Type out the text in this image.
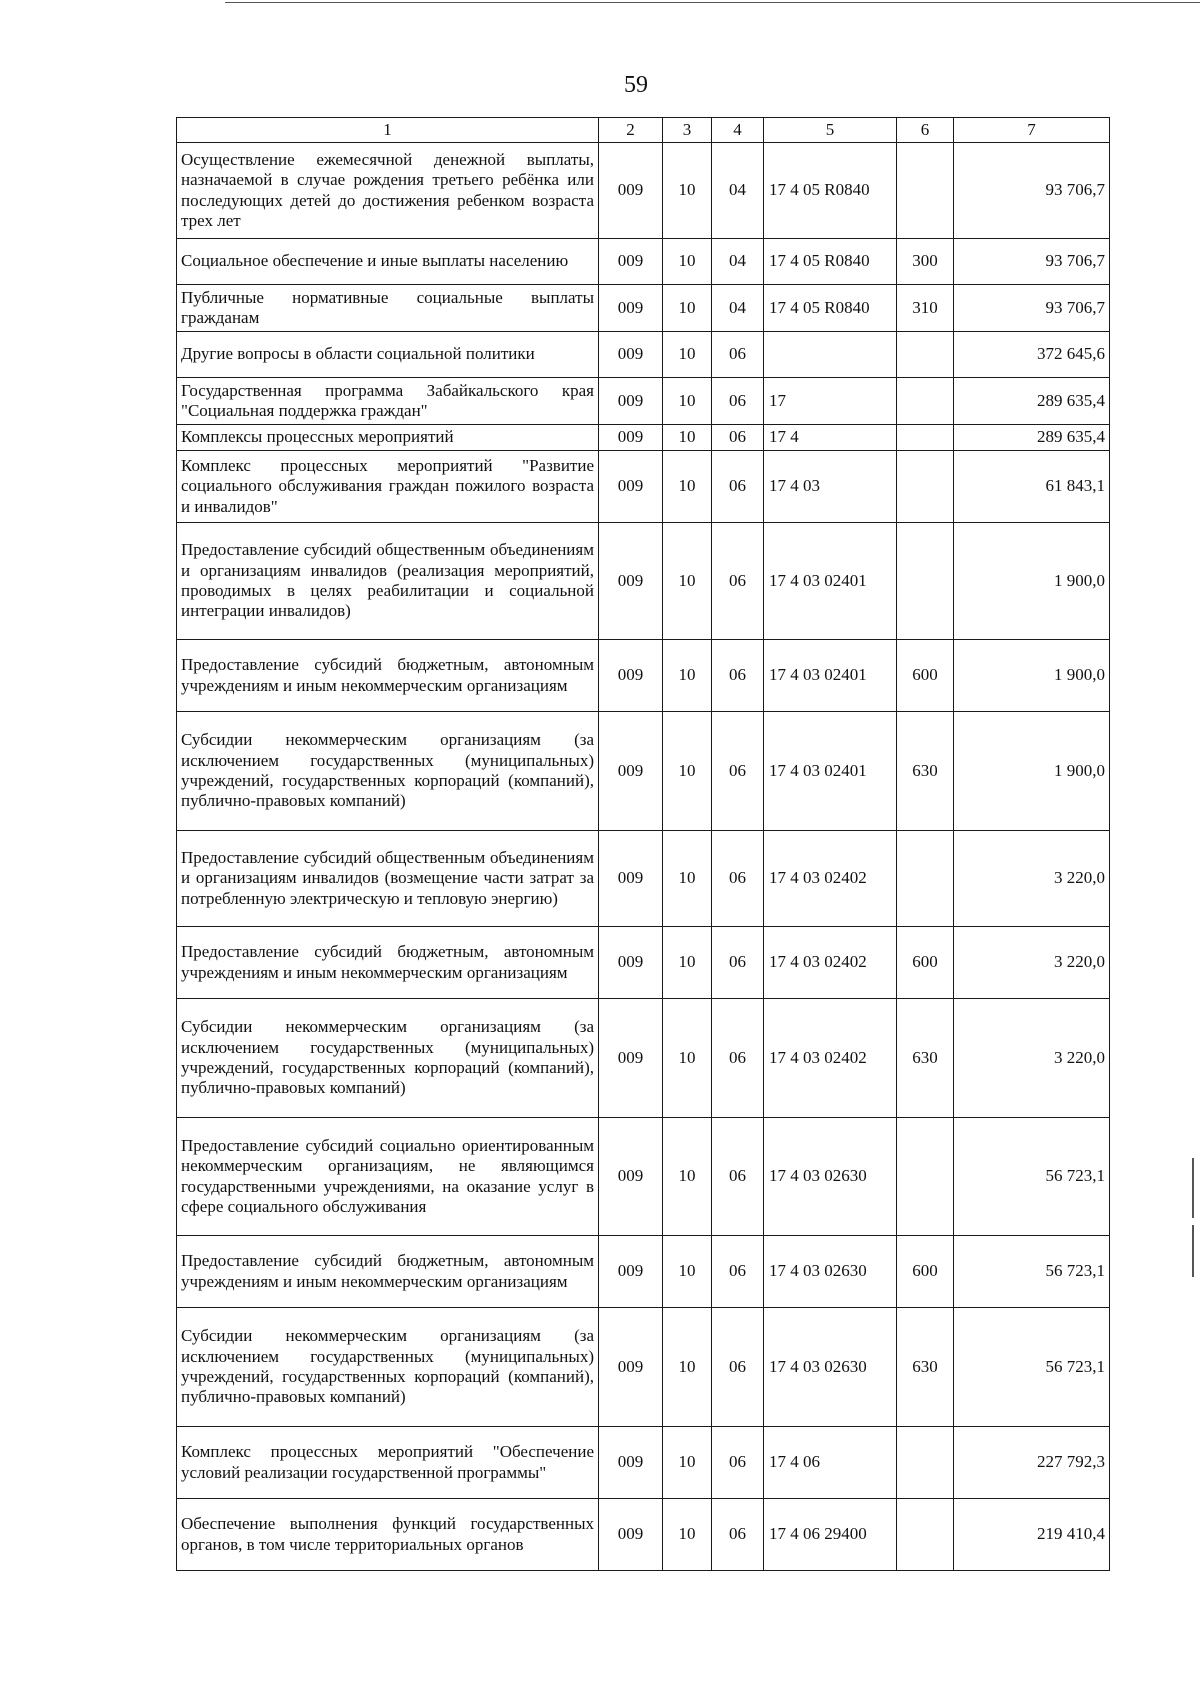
59
1	2	3	4	5	6	7
Осуществление ежемесячной денежной выплаты, назначаемой в случае рождения третьего ребёнка или последующих детей до достижения ребенком возраста трех лет	009	10	04	17 4 05 R0840		93 706,7
Социальное обеспечение и иные выплаты населению	009	10	04	17 4 05 R0840	300	93 706,7
Публичные нормативные социальные выплаты гражданам	009	10	04	17 4 05 R0840	310	93 706,7
Другие вопросы в области социальной политики	009	10	06			372 645,6
Государственная программа Забайкальского края "Социальная поддержка граждан"	009	10	06	17		289 635,4
Комплексы процессных мероприятий	009	10	06	17 4		289 635,4
Комплекс процессных мероприятий "Развитие социального обслуживания граждан пожилого возраста и инвалидов"	009	10	06	17 4 03		61 843,1
Предоставление субсидий общественным объединениям и организациям инвалидов (реализация мероприятий, проводимых в целях реабилитации и социальной интеграции инвалидов)	009	10	06	17 4 03 02401		1 900,0
Предоставление субсидий бюджетным, автономным учреждениям и иным некоммерческим организациям	009	10	06	17 4 03 02401	600	1 900,0
Субсидии некоммерческим организациям (за исключением государственных (муниципальных) учреждений, государственных корпораций (компаний), публично-правовых компаний)	009	10	06	17 4 03 02401	630	1 900,0
Предоставление субсидий общественным объединениям и организациям инвалидов (возмещение части затрат за потребленную электрическую и тепловую энергию)	009	10	06	17 4 03 02402		3 220,0
Предоставление субсидий бюджетным, автономным учреждениям и иным некоммерческим организациям	009	10	06	17 4 03 02402	600	3 220,0
Субсидии некоммерческим организациям (за исключением государственных (муниципальных) учреждений, государственных корпораций (компаний), публично-правовых компаний)	009	10	06	17 4 03 02402	630	3 220,0
Предоставление субсидий социально ориентированным некоммерческим организациям, не являющимся государственными учреждениями, на оказание услуг в сфере социального обслуживания	009	10	06	17 4 03 02630		56 723,1
Предоставление субсидий бюджетным, автономным учреждениям и иным некоммерческим организациям	009	10	06	17 4 03 02630	600	56 723,1
Субсидии некоммерческим организациям (за исключением государственных (муниципальных) учреждений, государственных корпораций (компаний), публично-правовых компаний)	009	10	06	17 4 03 02630	630	56 723,1
Комплекс процессных мероприятий "Обеспечение условий реализации государственной программы"	009	10	06	17 4 06		227 792,3
Обеспечение выполнения функций государственных органов, в том числе территориальных органов	009	10	06	17 4 06 29400		219 410,4
